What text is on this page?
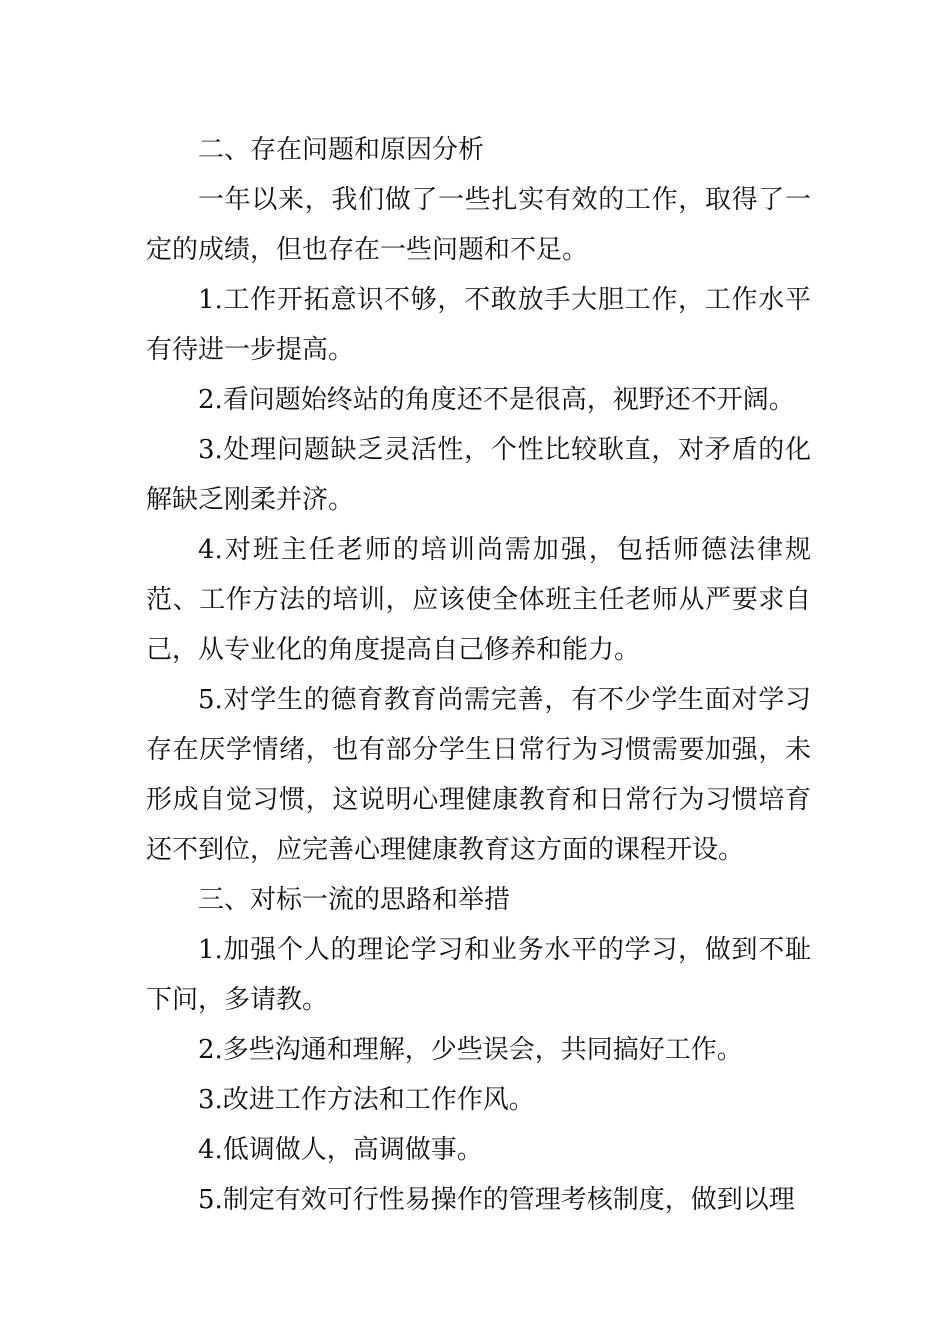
二、存在问题和原因分析

一年以来，我们做了一些扎实有效的工作，取得了一定的成绩，但也存在一些问题和不足。

1.工作开拓意识不够，不敢放手大胆工作，工作水平有待进一步提高。

2.看问题始终站的角度还不是很高，视野还不开阔。

3.处理问题缺乏灵活性，个性比较耿直，对矛盾的化解缺乏刚柔并济。

4.对班主任老师的培训尚需加强，包括师德法律规范、工作方法的培训，应该使全体班主任老师从严要求自己，从专业化的角度提高自己修养和能力。

5.对学生的德育教育尚需完善，有不少学生面对学习存在厌学情绪，也有部分学生日常行为习惯需要加强，未形成自觉习惯，这说明心理健康教育和日常行为习惯培育还不到位，应完善心理健康教育这方面的课程开设。

三、对标一流的思路和举措

1.加强个人的理论学习和业务水平的学习，做到不耻下问，多请教。

2.多些沟通和理解，少些误会，共同搞好工作。

3.改进工作方法和工作作风。

4.低调做人，高调做事。

5.制定有效可行性易操作的管理考核制度，做到以理
